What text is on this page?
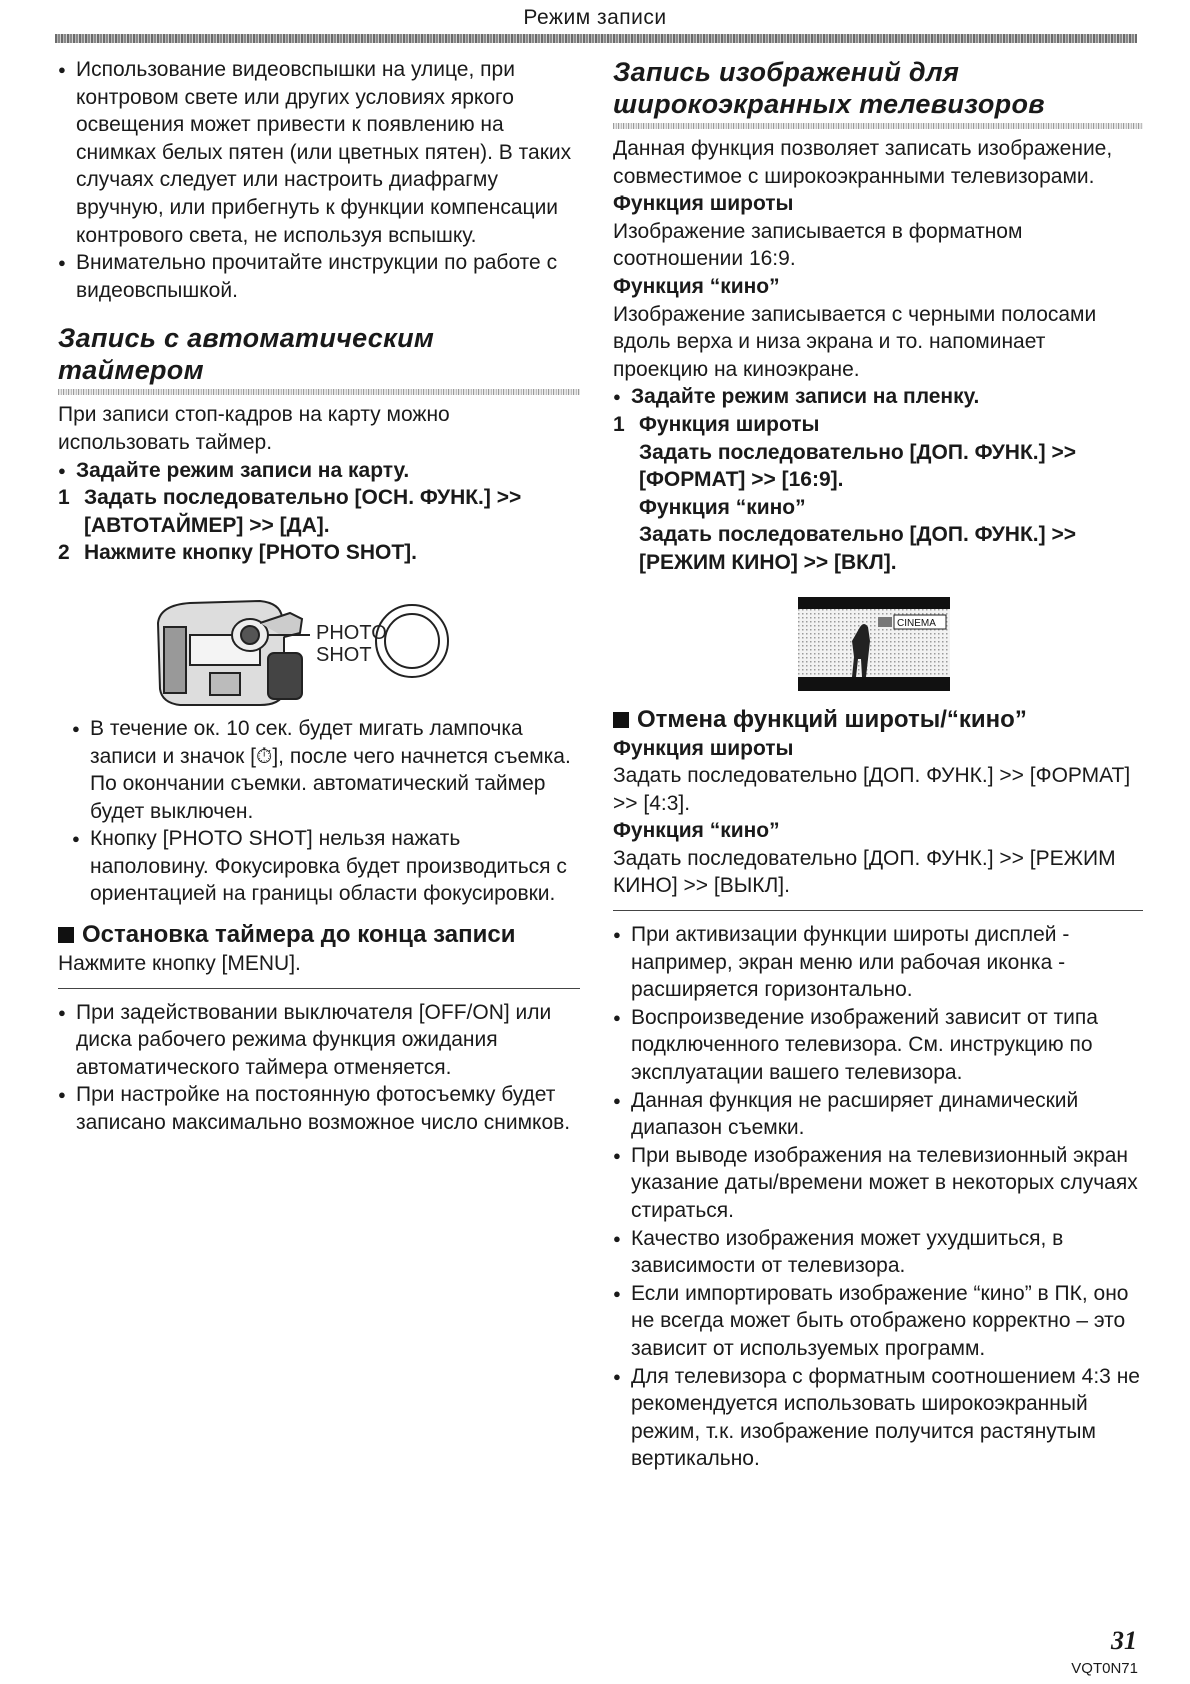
Режим записи

● Использование видеовспышки на улице, при контровом свете или других условиях яркого освещения может привести к появлению на снимках белых пятен (или цветных пятен). В таких случаях следует или настроить диафрагму вручную, или прибегнуть к функции компенсации контрового света, не используя вспышку.

● Внимательно прочитайте инструкции по работе с видеовспышкой.

Запись с автоматическим таймером

При записи стоп-кадров на карту можно использовать таймер.

● Задайте режим записи на карту.

1 Задать последовательно [ОСН. ФУНК.] >> [АВТОТАЙМЕР] >> [ДА].
2 Нажмите кнопку [PHOTO SHOT].
PHOTO
SHOT

● В течение ок. 10 сек. будет мигать лампочка записи и значок [⏱], после чего начнется съемка. По окончании съемки. автоматический таймер будет выключен.

● Кнопку [PHOTO SHOT] нельзя нажать наполовину. Фокусировка будет производиться с ориентацией на границы области фокусировки.

Остановка таймера до конца записи

Нажмите кнопку [MENU].

● При задействовании выключателя [OFF/ON] или диска рабочего режима функция ожидания автоматического таймера отменяется.

● При настройке на постоянную фотосъемку будет записано максимально возможное число снимков.

Запись изображений для
широкоэкранных телевизоров

Данная функция позволяет записать изображение, совместимое с широкоэкранными телевизорами.

Функция широты

Изображение записывается в форматном соотношении 16:9.

Функция “кино”

Изображение записывается с черными полосами вдоль верха и низа экрана и то. напоминает проекцию на киноэкране.

● Задайте режим записи на пленку.

1 Функция широты

Задать последовательно [ДОП. ФУНК.] >> [ФОРМАТ] >> [16:9].

Функция “кино”

Задать последовательно [ДОП. ФУНК.] >> [РЕЖИМ КИНО] >> [ВКЛ].

CINEMA
Отмена функций широты/“кино”

Функция широты

Задать последовательно [ДОП. ФУНК.] >> [ФОРМАТ] >> [4:3].

Функция “кино”

Задать последовательно [ДОП. ФУНК.] >> [РЕЖИМ КИНО] >> [ВЫКЛ].

● При активизации функции широты дисплей - например, экран меню или рабочая иконка - расширяется горизонтально.

● Воспроизведение изображений зависит от типа подключенного телевизора. См. инструкцию по эксплуатации вашего телевизора.

● Данная функция не расширяет динамический диапазон съемки.

● При выводе изображения на телевизионный экран указание даты/времени может в некоторых случаях стираться.

● Качество изображения может ухудшиться, в зависимости от телевизора.

● Если импортировать изображение “кино” в ПК, оно не всегда может быть отображено корректно – это зависит от используемых программ.

● Для телевизора с форматным соотношением 4:3 не рекомендуется использовать широкоэкранный режим, т.к. изображение получится растянутым вертикально.

31
VQT0N71
